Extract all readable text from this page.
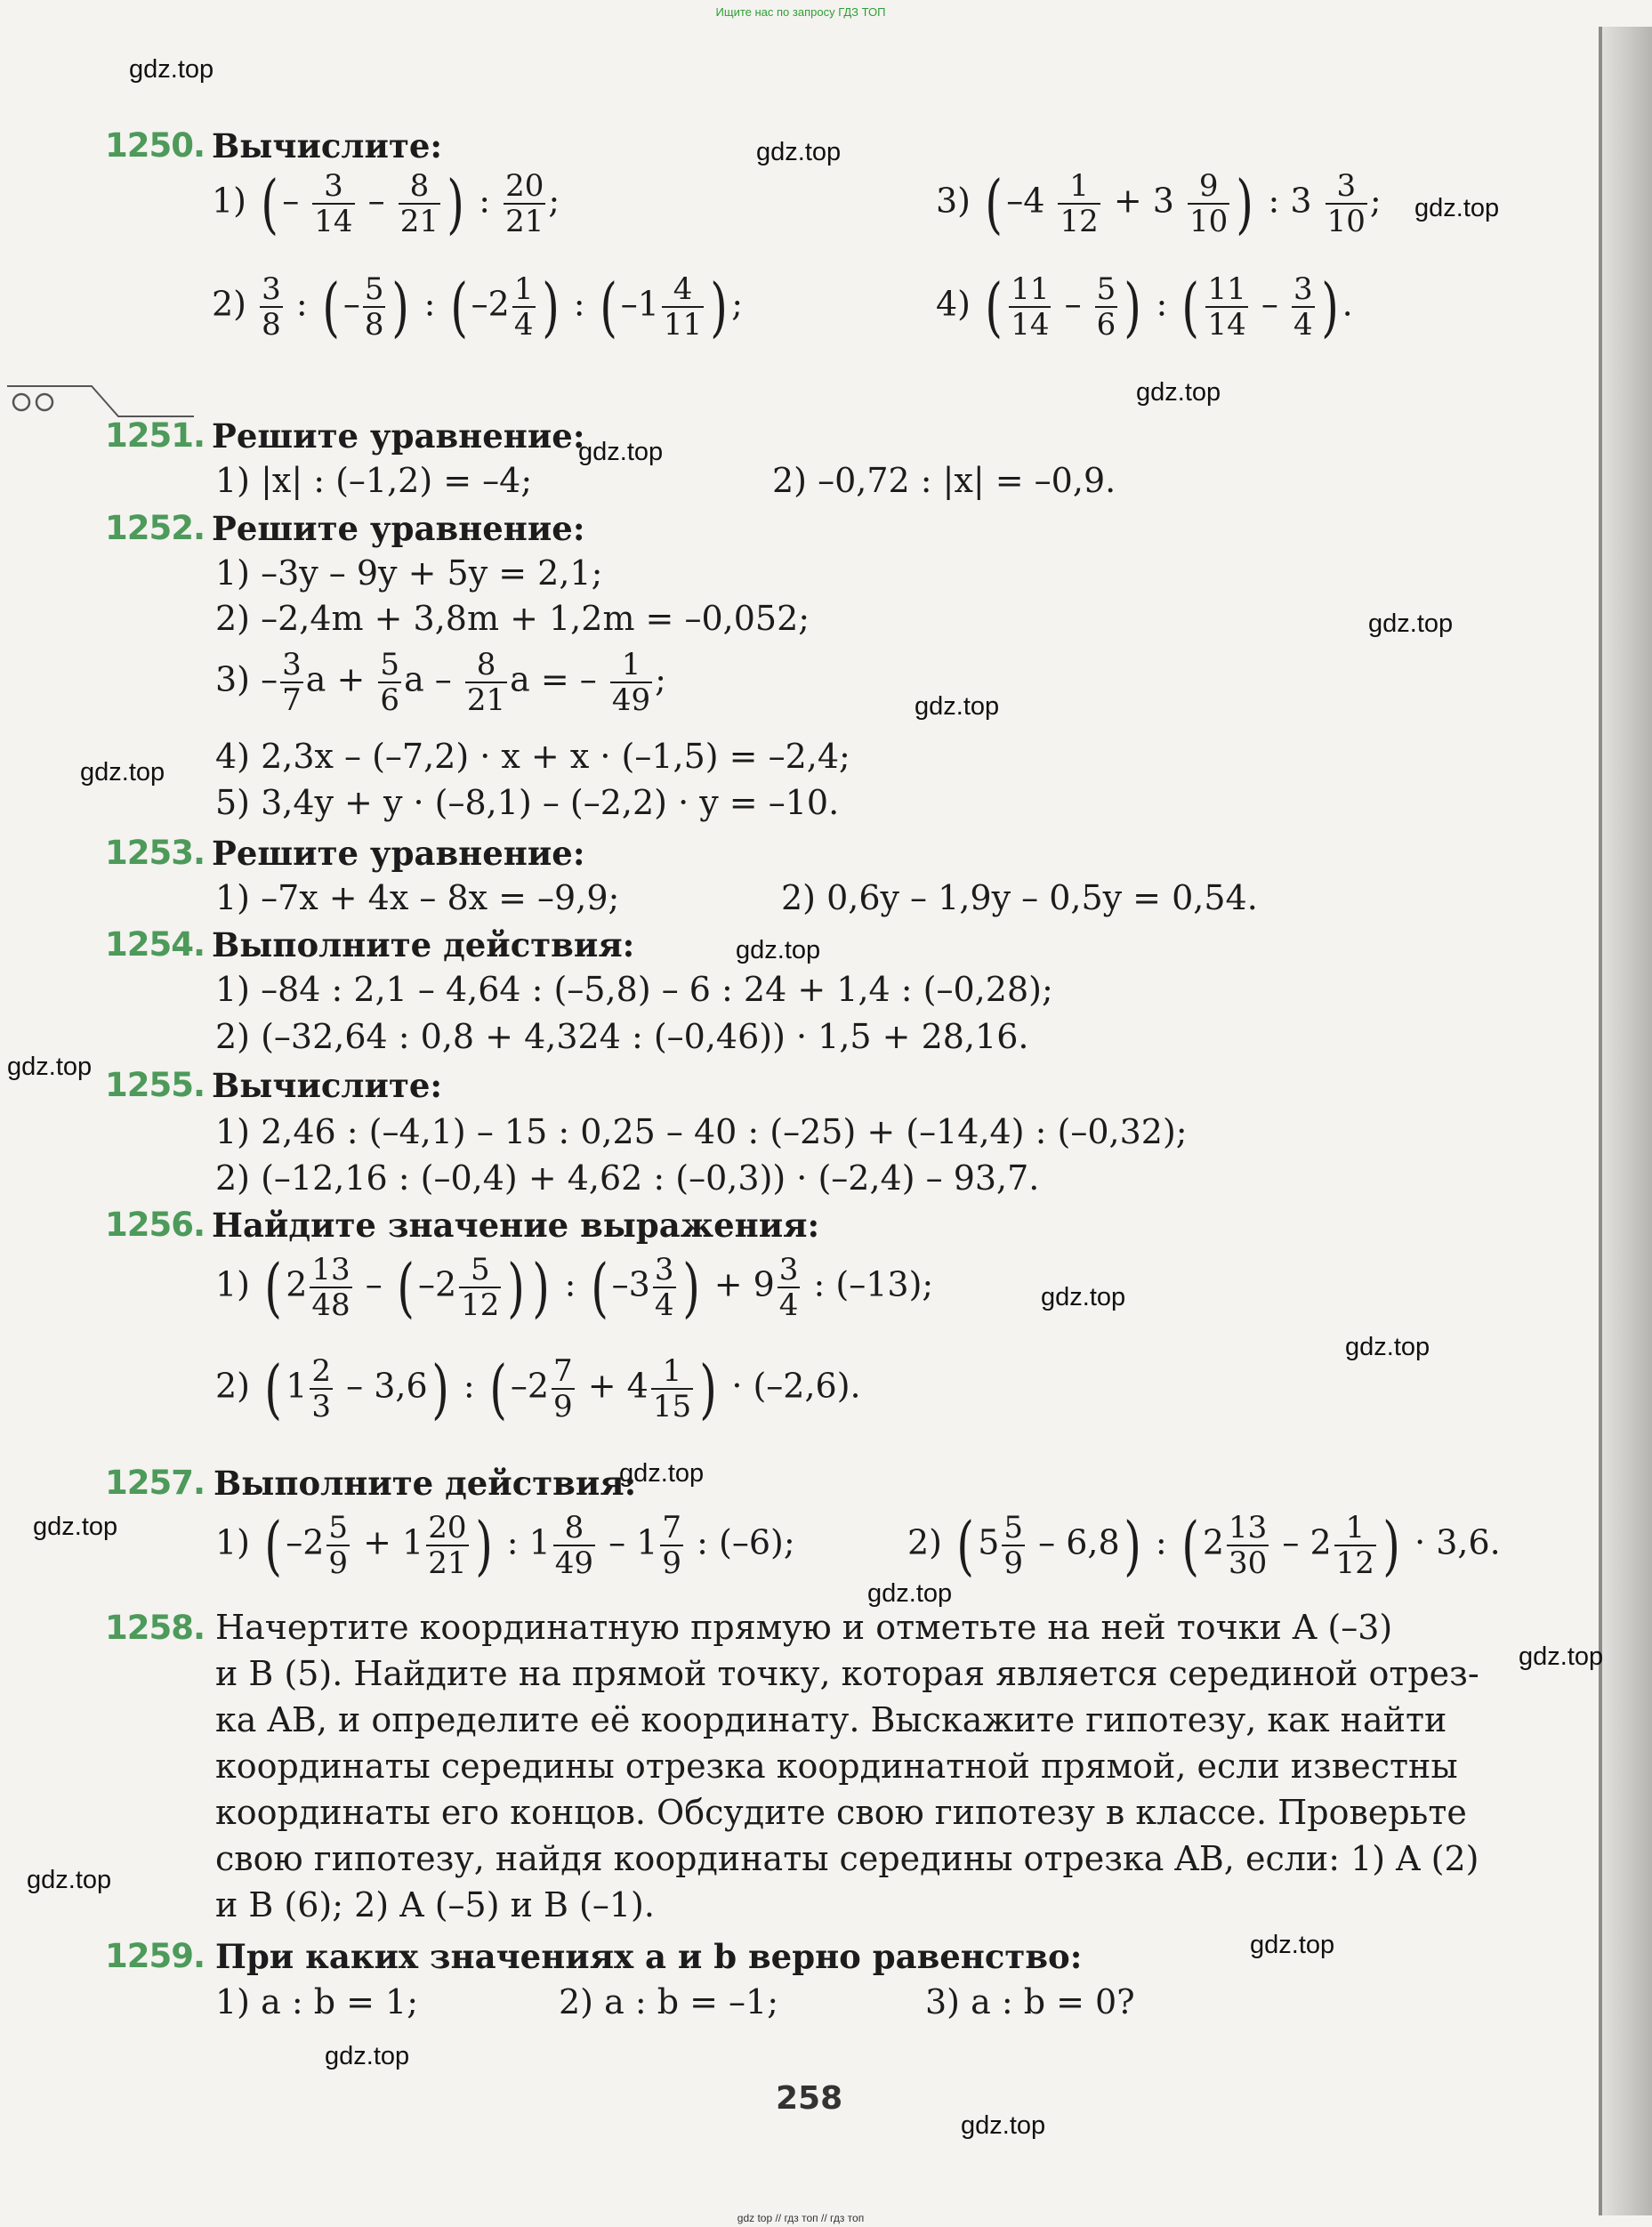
Ищите нас по запросу ГДЗ ТОП
gdz.top
gdz.top
gdz.top
gdz.top
gdz.top
gdz.top
gdz.top
gdz.top
gdz.top
gdz.top
gdz.top
gdz.top
gdz.top
gdz.top
gdz.top
gdz.top
gdz.top
gdz.top
gdz.top
gdz.top
1250. Вычислите:
1) ( – $\frac{3}{14} - \frac{8}{21}$ ) : $\frac{20}{21}$ ;	3) ( $-4 \frac{1}{12} + 3 \frac{9}{10}$ ) : $3 \frac{3}{10}$ ;
$2) \frac{3}{8}$ : ( – $\frac{5}{8}$ ) : ( $-2 \frac{1}{4}$ ) : ( $-1 \frac{4}{11}$ ) ;	4) ( $\frac{11}{14} - \frac{5}{6}$ ) : ( $\frac{11}{14} - \frac{3}{4}$ ) .
1251. Решите уравнение:
1) |x| : (–1,2) = –4;	2) –0,72 : |x| = –0,9.
1252. Решите уравнение:
1) –3y – 9y + 5y = 2,1;
2) –2,4m + 3,8m + 1,2m = –0,052;
$3) - \frac{3}{7}$ $a + \frac{5}{6}$ a – $\frac{8}{21}$ a = – $\frac{1}{49}$ ;
4) 2,3x – (–7,2) · x + x · (–1,5) = –2,4;
5) 3,4y + y · (–8,1) – (–2,2) · y = –10.
1253. Решите уравнение:
1) –7x + 4x – 8x = –9,9;	2) 0,6y – 1,9y – 0,5y = 0,54.
1254. Выполните действия:
1) –84 : 2,1 – 4,64 : (–5,8) – 6 : 24 + 1,4 : (–0,28);
2) (–32,64 : 0,8 + 4,324 : (–0,46)) · 1,5 + 28,16.
1255. Вычислите:
1) 2,46 : (–4,1) – 15 : 0,25 – 40 : (–25) + (–14,4) : (–0,32);
2) (–12,16 : (–0,4) + 4,62 : (–0,3)) · (–2,4) – 93,7.
1256. Найдите значение выражения:
1) ( $2 \frac{13}{48}$ – ( $-2 \frac{5}{12}$ ) ) : ( $-3 \frac{3}{4}$ ) + $9 \frac{3}{4}$ : (–13);
2) ( $1 \frac{2}{3} - 3,6$) : ( $-2 \frac{7}{9} + 4 \frac{1}{15}$ ) · (–2,6).
1257. Выполните действия:
1) ( $-2 \frac{5}{9} + 1 \frac{20}{21}$ ) : $1 \frac{8}{49} - 1 \frac{7}{9}$ : (–6);	2) ( $5 \frac{5}{9} - 6,8$) : ( $2 \frac{13}{30} - 2 \frac{1}{12}$ ) · 3,6.
1258. Начертите координатную прямую и отметьте на ней точки A (–3)
и B (5). Найдите на прямой точку, которая является серединой отрез-
ка AB, и определите её координату. Выскажите гипотезу, как найти
координаты середины отрезка координатной прямой, если известны
координаты его концов. Обсудите свою гипотезу в классе. Проверьте
свою гипотезу, найдя координаты середины отрезка AB, если: 1) A (2)
и B (6); 2) A (–5) и B (–1).
1259. При каких значениях a и b верно равенство:
1) a : b = 1;	2) a : b = –1;	3) a : b = 0?
258
gdz top // гдз топ // гдз топ
